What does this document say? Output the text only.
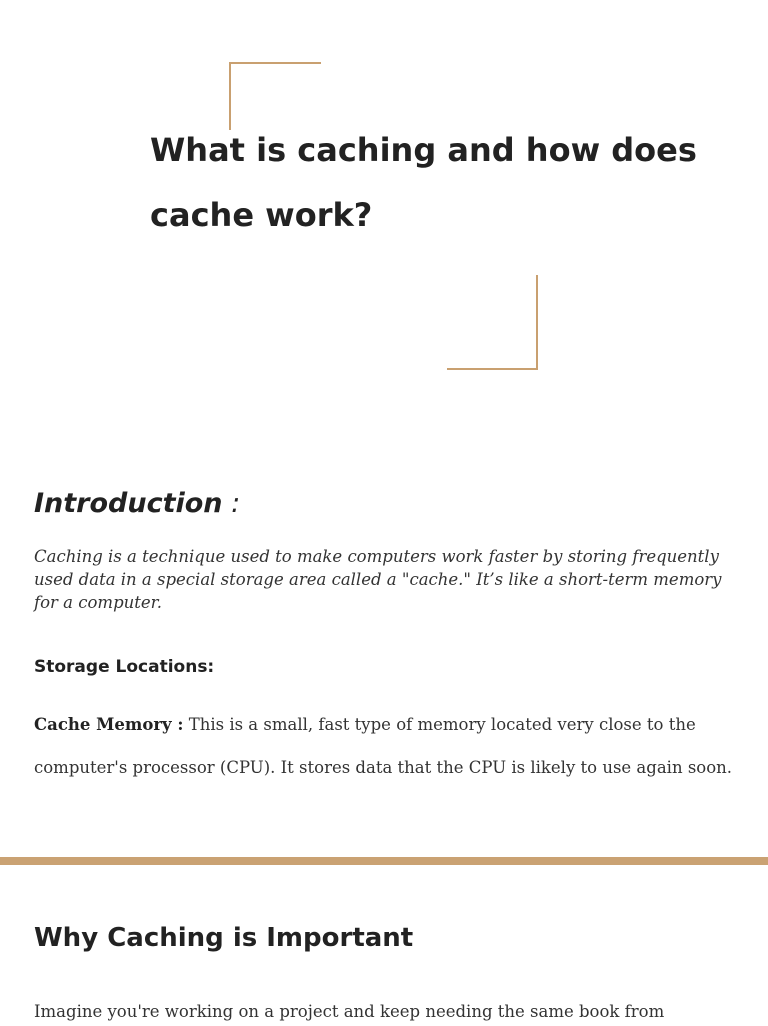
What is caching and how does cache work?
Introduction :

Caching is a technique used to make computers work faster by storing frequently used data in a special storage area called a "cache." It’s like a short-term memory for a computer.

Storage Locations:

Cache Memory : This is a small, fast type of memory located very close to the computer's processor (CPU). It stores data that the CPU is likely to use again soon.

Why Caching is Important

Imagine you're working on a project and keep needing the same book from
